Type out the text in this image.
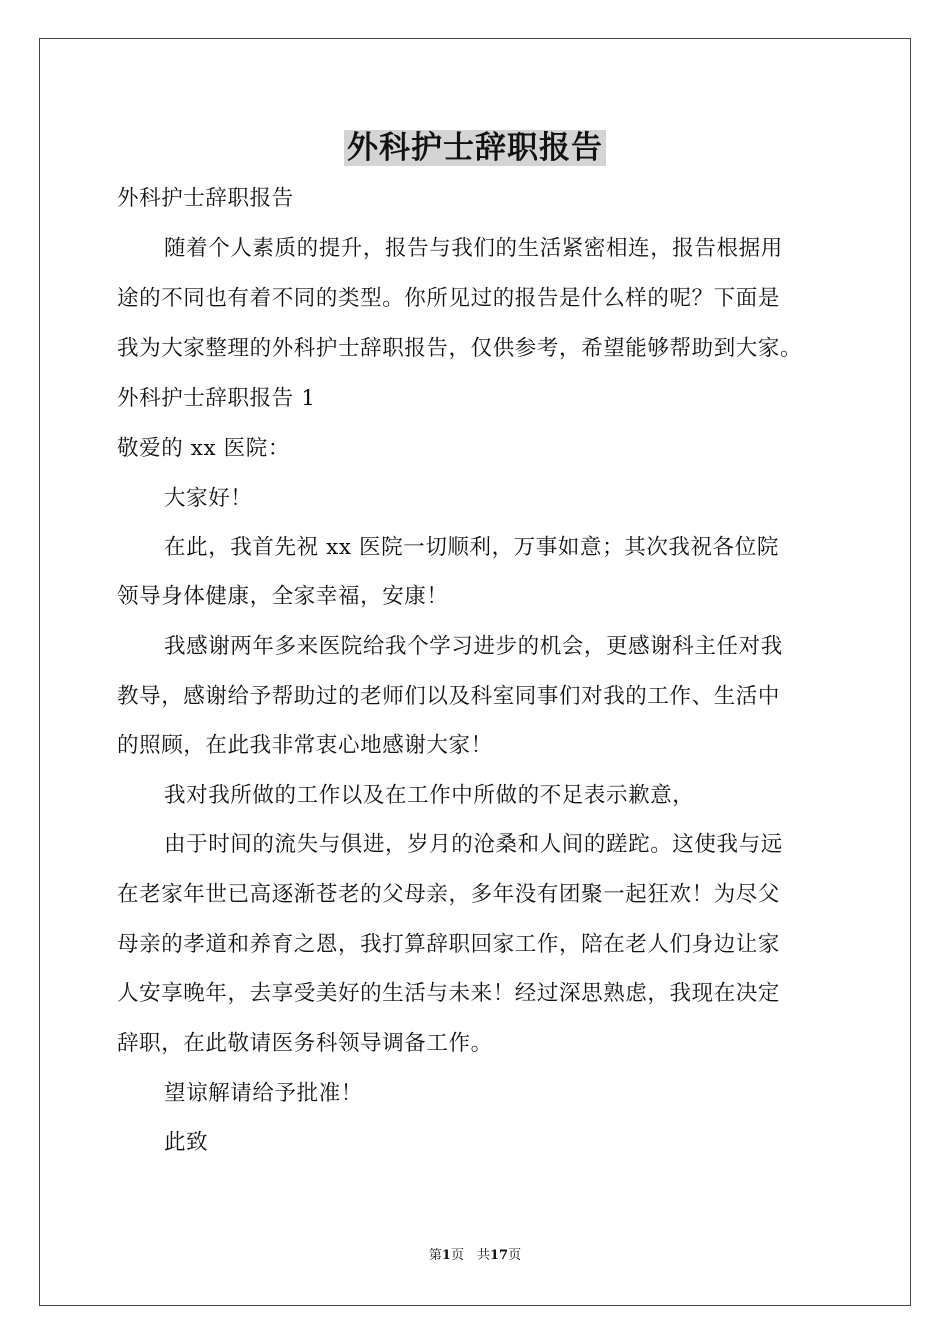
外科护士辞职报告
外科护士辞职报告
随着个人素质的提升，报告与我们的生活紧密相连，报告根据用
途的不同也有着不同的类型。你所见过的报告是什么样的呢？下面是
我为大家整理的外科护士辞职报告，仅供参考，希望能够帮助到大家。
外科护士辞职报告 1
敬爱的 xx 医院：
大家好！
在此，我首先祝 xx 医院一切顺利，万事如意；其次我祝各位院
领导身体健康，全家幸福，安康！
我感谢两年多来医院给我个学习进步的机会，更感谢科主任对我
教导，感谢给予帮助过的老师们以及科室同事们对我的工作、生活中
的照顾，在此我非常衷心地感谢大家！
我对我所做的工作以及在工作中所做的不足表示歉意，
由于时间的流失与俱进，岁月的沧桑和人间的蹉跎。这使我与远
在老家年世已高逐渐苍老的父母亲，多年没有团聚一起狂欢！为尽父
母亲的孝道和养育之恩，我打算辞职回家工作，陪在老人们身边让家
人安享晚年，去享受美好的生活与未来！经过深思熟虑，我现在决定
辞职，在此敬请医务科领导调备工作。
望谅解请给予批准！
此致
第1页　共17页
